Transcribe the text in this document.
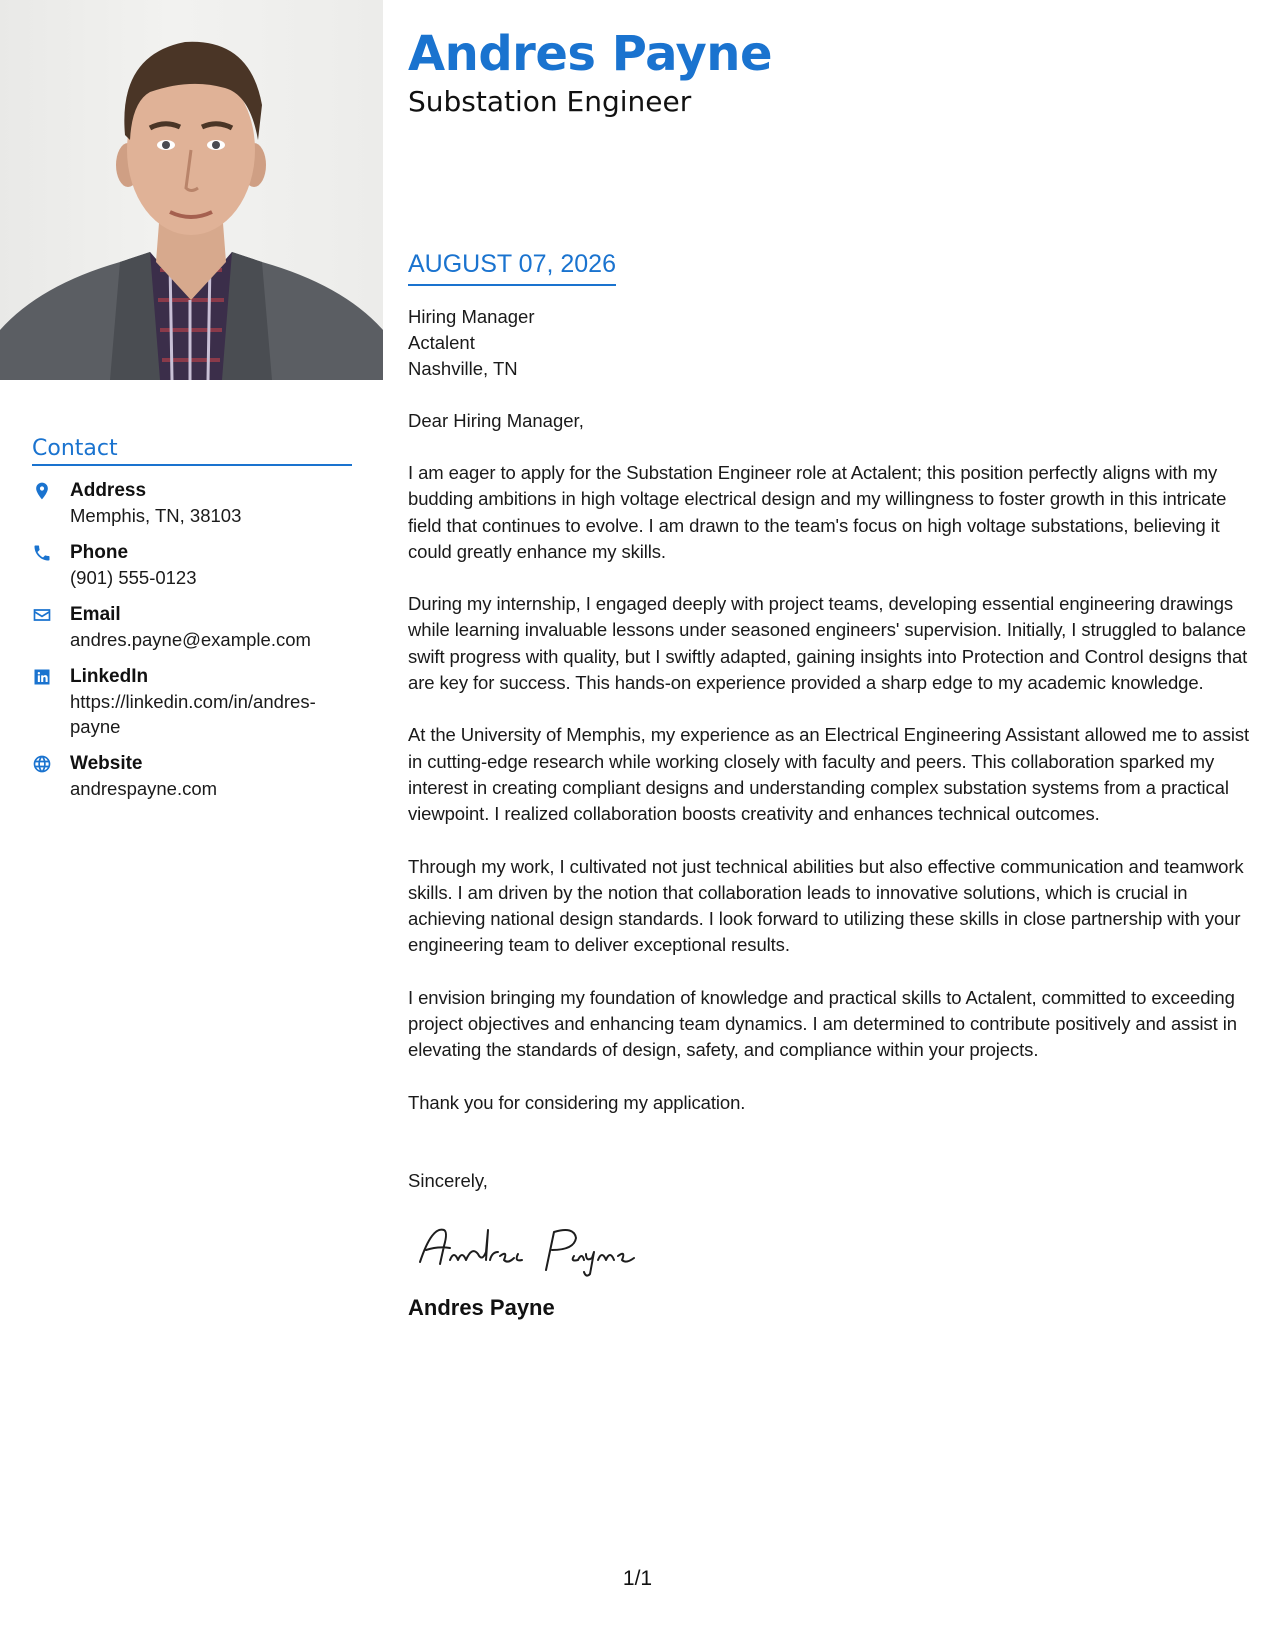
Contact
Address
Memphis, TN, 38103
Phone
(901) 555-0123
Email
andres.payne@example.com
LinkedIn
https://linkedin.com/in/andres-payne
Website
andrespayne.com
Andres Payne
Substation Engineer
AUGUST 07, 2026
Hiring Manager
Actalent
Nashville, TN
Dear Hiring Manager,

I am eager to apply for the Substation Engineer role at Actalent; this position perfectly aligns with my budding ambitions in high voltage electrical design and my willingness to foster growth in this intricate field that continues to evolve. I am drawn to the team's focus on high voltage substations, believing it could greatly enhance my skills.

During my internship, I engaged deeply with project teams, developing essential engineering drawings while learning invaluable lessons under seasoned engineers' supervision. Initially, I struggled to balance swift progress with quality, but I swiftly adapted, gaining insights into Protection and Control designs that are key for success. This hands-on experience provided a sharp edge to my academic knowledge.

At the University of Memphis, my experience as an Electrical Engineering Assistant allowed me to assist in cutting-edge research while working closely with faculty and peers. This collaboration sparked my interest in creating compliant designs and understanding complex substation systems from a practical viewpoint. I realized collaboration boosts creativity and enhances technical outcomes.

Through my work, I cultivated not just technical abilities but also effective communication and teamwork skills. I am driven by the notion that collaboration leads to innovative solutions, which is crucial in achieving national design standards. I look forward to utilizing these skills in close partnership with your engineering team to deliver exceptional results.

I envision bringing my foundation of knowledge and practical skills to Actalent, committed to exceeding project objectives and enhancing team dynamics. I am determined to contribute positively and assist in elevating the standards of design, safety, and compliance within your projects.

Thank you for considering my application.

Sincerely,
Andres Payne
1/1
